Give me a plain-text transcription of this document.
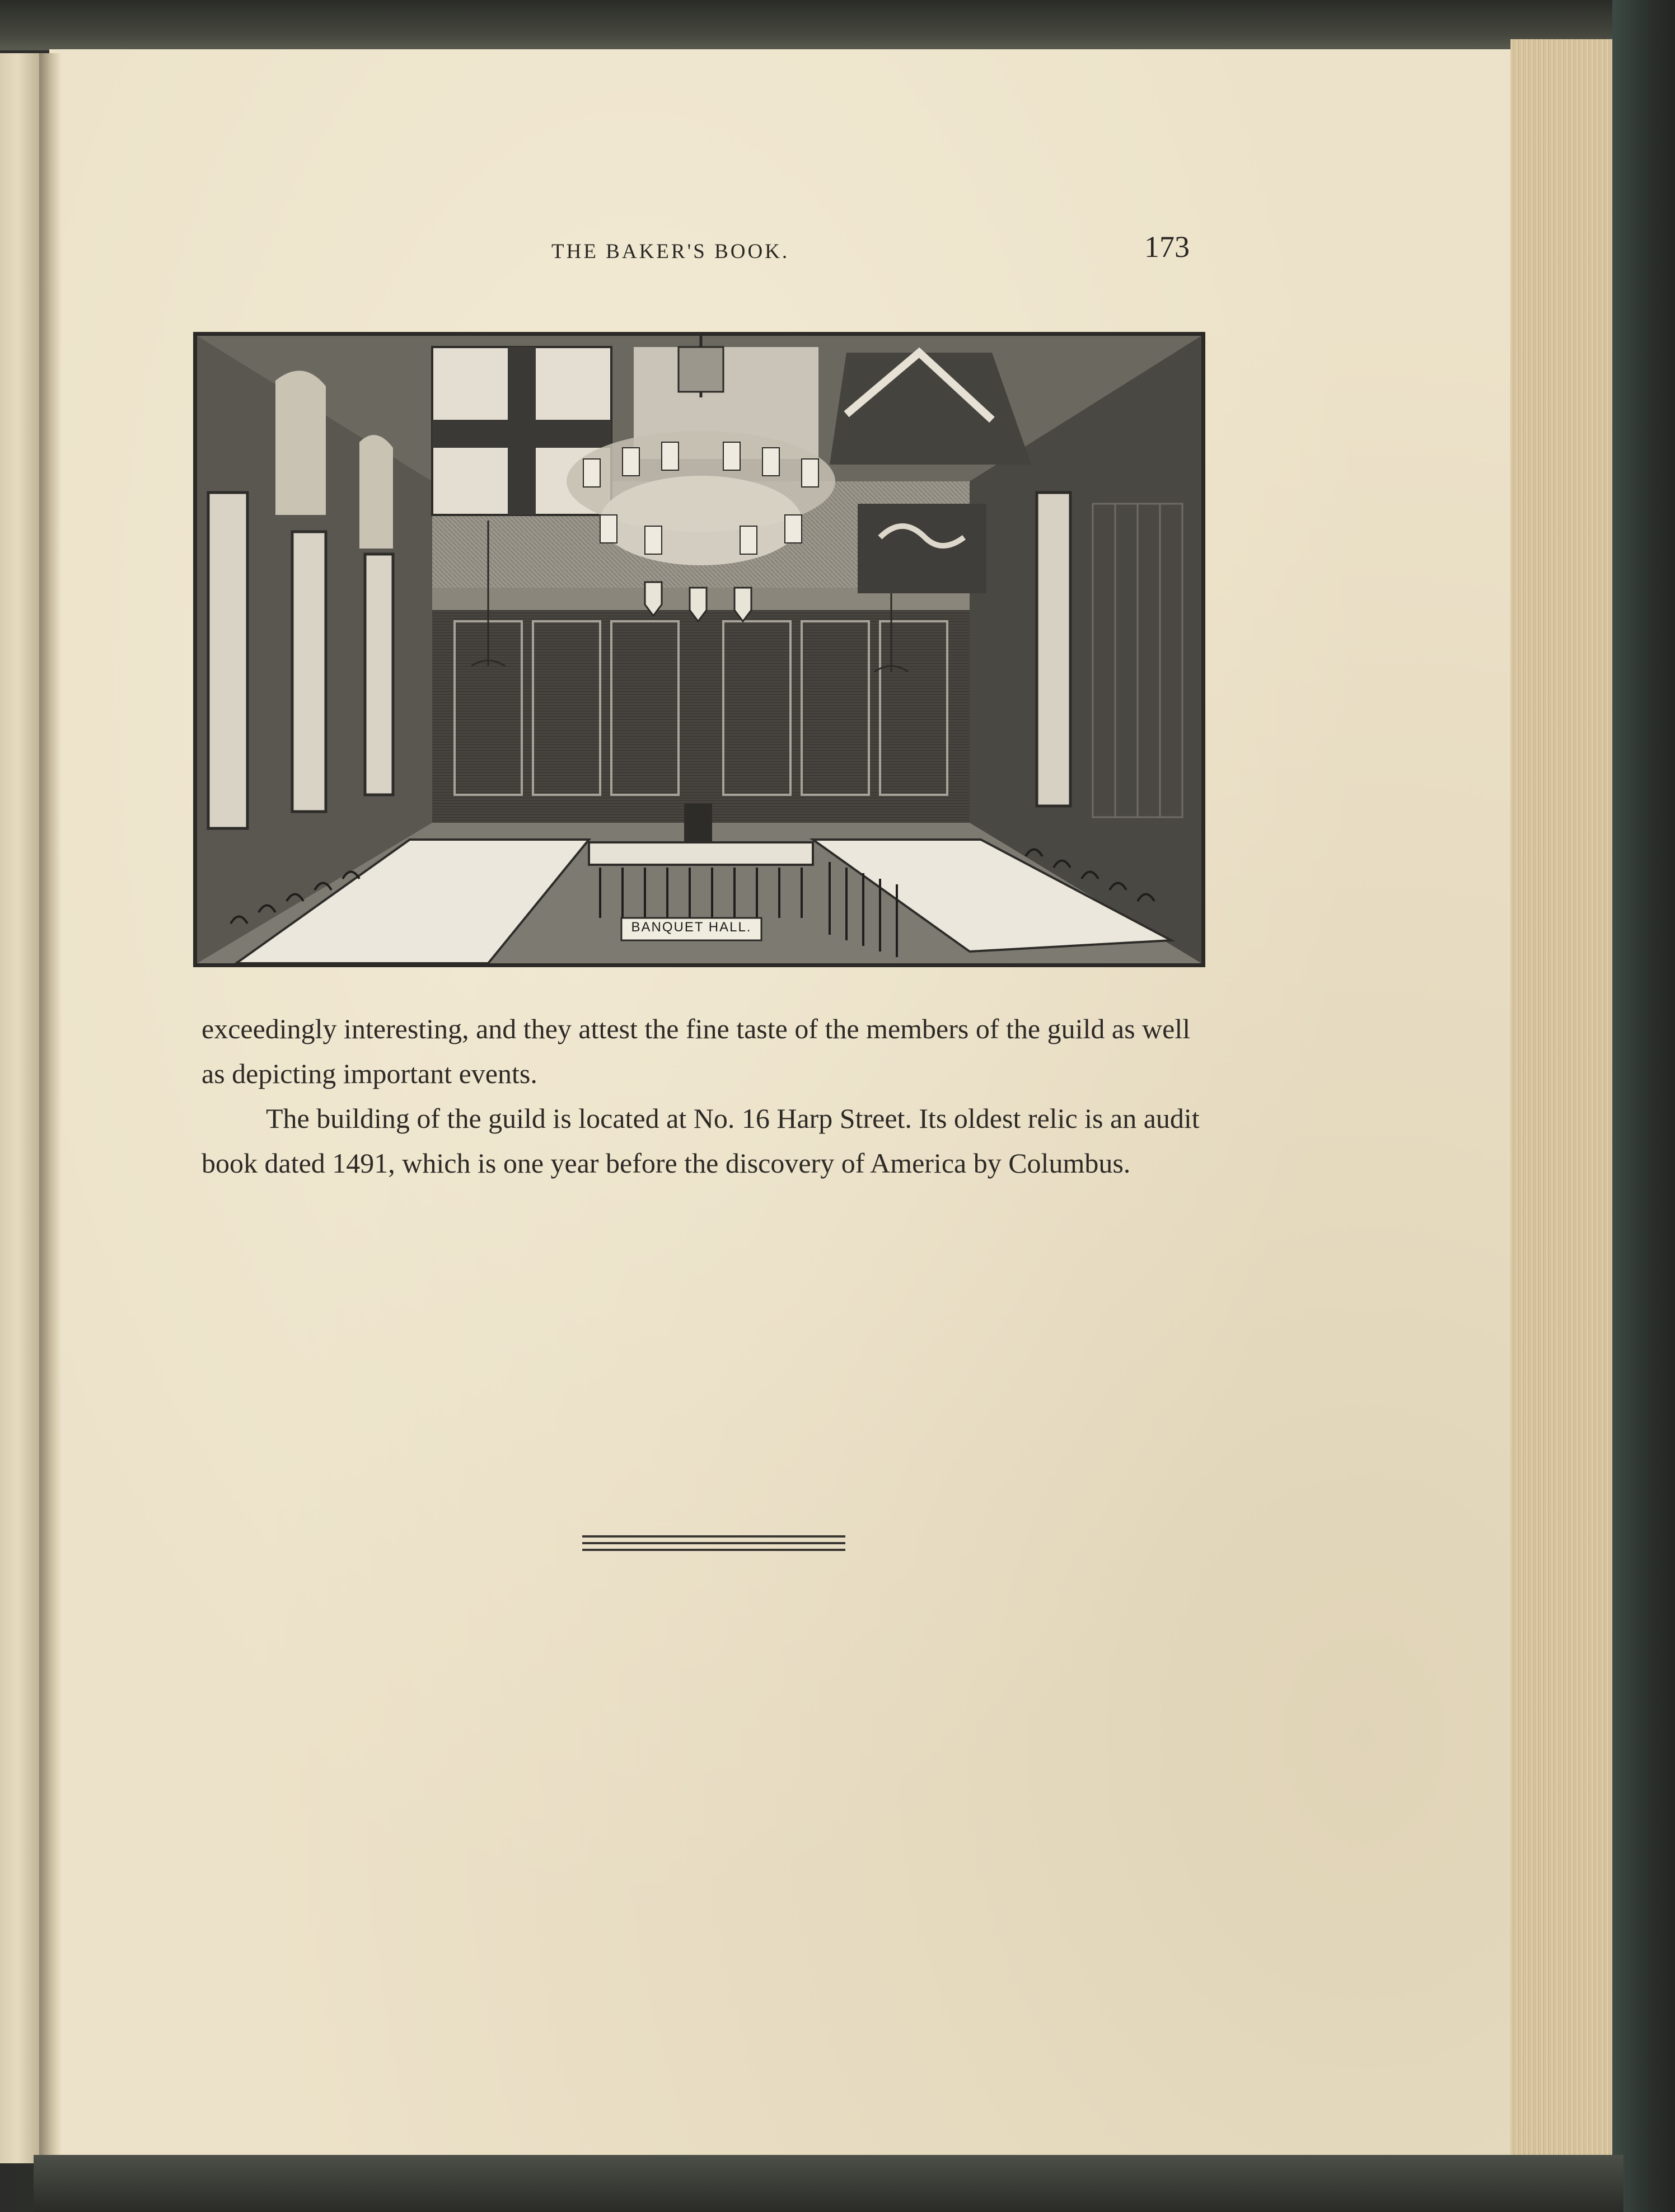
THE BAKER'S BOOK.	173
BANQUET HALL.

exceedingly interesting, and they attest the fine taste of the members of the guild as well as depicting important events.

The building of the guild is located at No. 16 Harp Street. Its oldest relic is an audit book dated 1491, which is one year before the discovery of America by Columbus.
